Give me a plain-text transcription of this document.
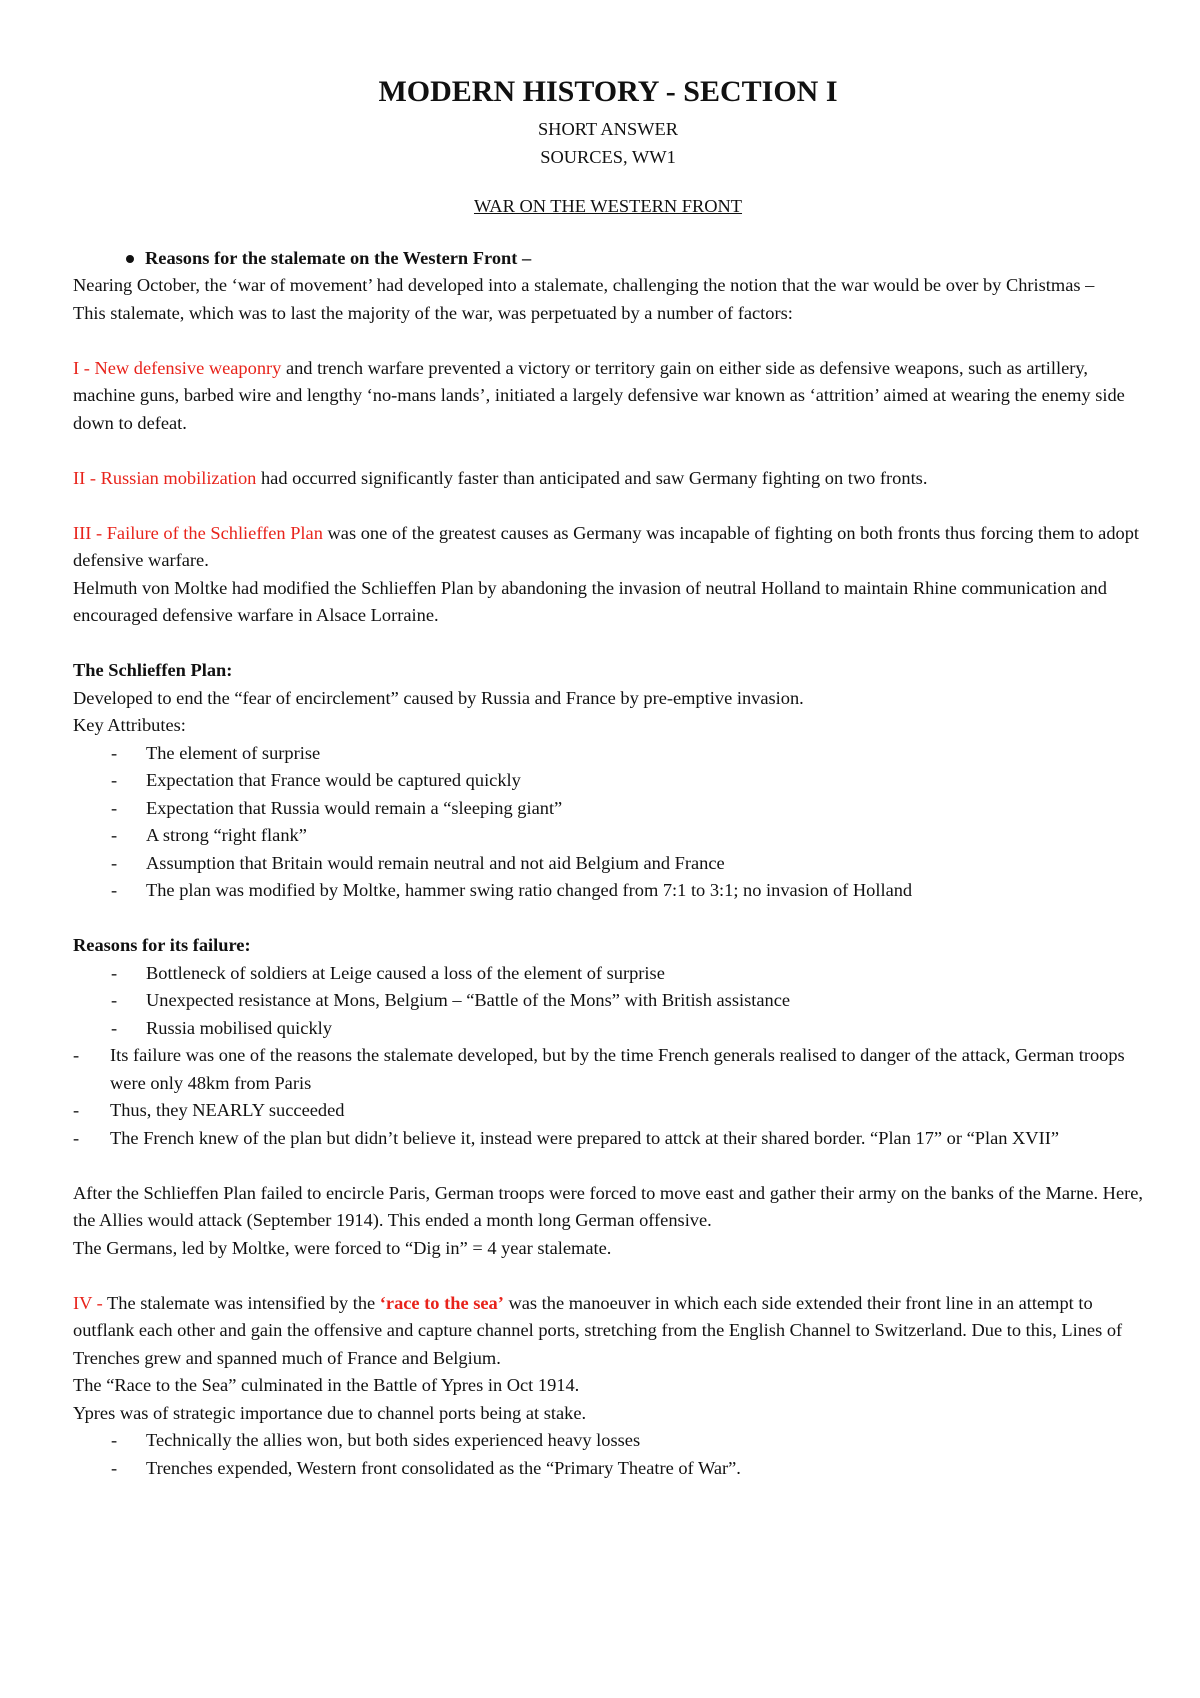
MODERN HISTORY - SECTION I

SHORT ANSWER

SOURCES, WW1

WAR ON THE WESTERN FRONT

Reasons for the stalemate on the Western Front –

Nearing October, the ‘war of movement’ had developed into a stalemate, challenging the notion that the war would be over by Christmas –

This stalemate, which was to last the majority of the war, was perpetuated by a number of factors:

I - New defensive weaponry and trench warfare prevented a victory or territory gain on either side as defensive weapons, such as artillery, machine guns, barbed wire and lengthy ‘no-mans lands’, initiated a largely defensive war known as ‘attrition’ aimed at wearing the enemy side down to defeat.

II - Russian mobilization had occurred significantly faster than anticipated and saw Germany fighting on two fronts.

III - Failure of the Schlieffen Plan was one of the greatest causes as Germany was incapable of fighting on both fronts thus forcing them to adopt defensive warfare.

Helmuth von Moltke had modified the Schlieffen Plan by abandoning the invasion of neutral Holland to maintain Rhine communication and encouraged defensive warfare in Alsace Lorraine.

The Schlieffen Plan:

Developed to end the “fear of encirclement” caused by Russia and France by pre-emptive invasion.

Key Attributes:

- The element of surprise
- Expectation that France would be captured quickly
- Expectation that Russia would remain a “sleeping giant”
- A strong “right flank”
- Assumption that Britain would remain neutral and not aid Belgium and France
- The plan was modified by Moltke, hammer swing ratio changed from 7:1 to 3:1; no invasion of Holland

Reasons for its failure:

- Bottleneck of soldiers at Leige caused a loss of the element of surprise
- Unexpected resistance at Mons, Belgium – “Battle of the Mons” with British assistance
- Russia mobilised quickly
- Its failure was one of the reasons the stalemate developed, but by the time French generals realised to danger of the attack, German troops were only 48km from Paris
- Thus, they NEARLY succeeded
- The French knew of the plan but didn’t believe it, instead were prepared to attck at their shared border. “Plan 17” or “Plan XVII”

After the Schlieffen Plan failed to encircle Paris, German troops were forced to move east and gather their army on the banks of the Marne. Here, the Allies would attack (September 1914). This ended a month long German offensive.

The Germans, led by Moltke, were forced to “Dig in” = 4 year stalemate.

IV - The stalemate was intensified by the ‘race to the sea’ was the manoeuver in which each side extended their front line in an attempt to outflank each other and gain the offensive and capture channel ports, stretching from the English Channel to Switzerland. Due to this, Lines of Trenches grew and spanned much of France and Belgium.

The “Race to the Sea” culminated in the Battle of Ypres in Oct 1914.

Ypres was of strategic importance due to channel ports being at stake.

- Technically the allies won, but both sides experienced heavy losses
- Trenches expended, Western front consolidated as the “Primary Theatre of War”.
